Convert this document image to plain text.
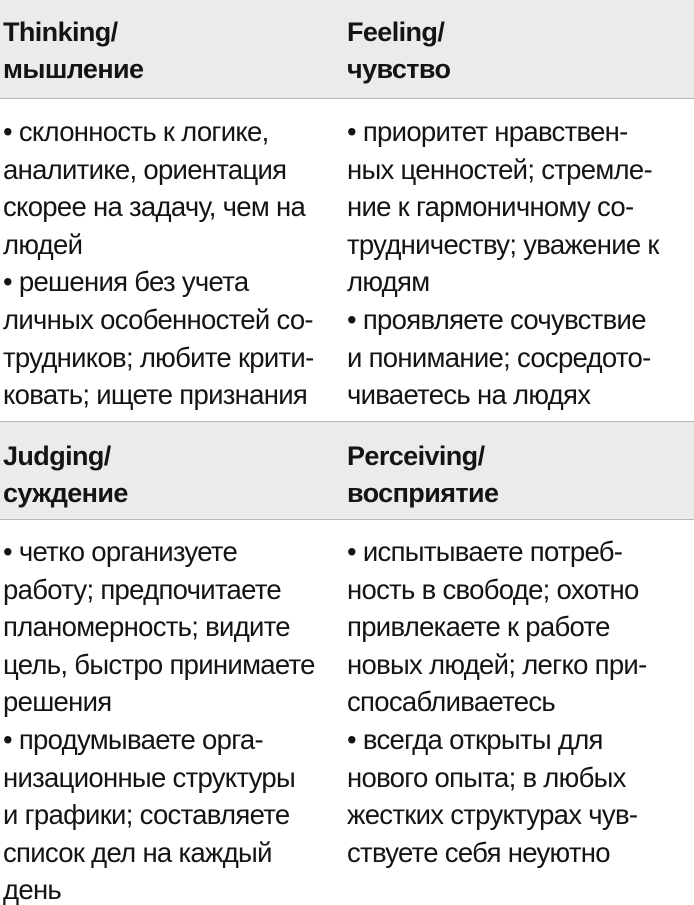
Thinking/
мышление
Feeling/
чувство
• склонность к логике,
аналитике, ориентация
скорее на задачу, чем на
людей
• решения без учета
личных особенностей со-
трудников; любите крити-
ковать; ищете признания
• приоритет нравствен-
ных ценностей; стремле-
ние к гармоничному со-
трудничеству; уважение к
людям
• проявляете сочувствие
и понимание; сосредото-
чиваетесь на людях
Judging/
суждение
Perceiving/
восприятие
• четко организуете
работу; предпочитаете
планомерность; видите
цель, быстро принимаете
решения
• продумываете орга-
низационные структуры
и графики; составляете
список дел на каждый
день
• испытываете потреб-
ность в свободе; охотно
привлекаете к работе
новых людей; легко при-
спосабливаетесь
• всегда открыты для
нового опыта; в любых
жестких структурах чув-
ствуете себя неуютно
